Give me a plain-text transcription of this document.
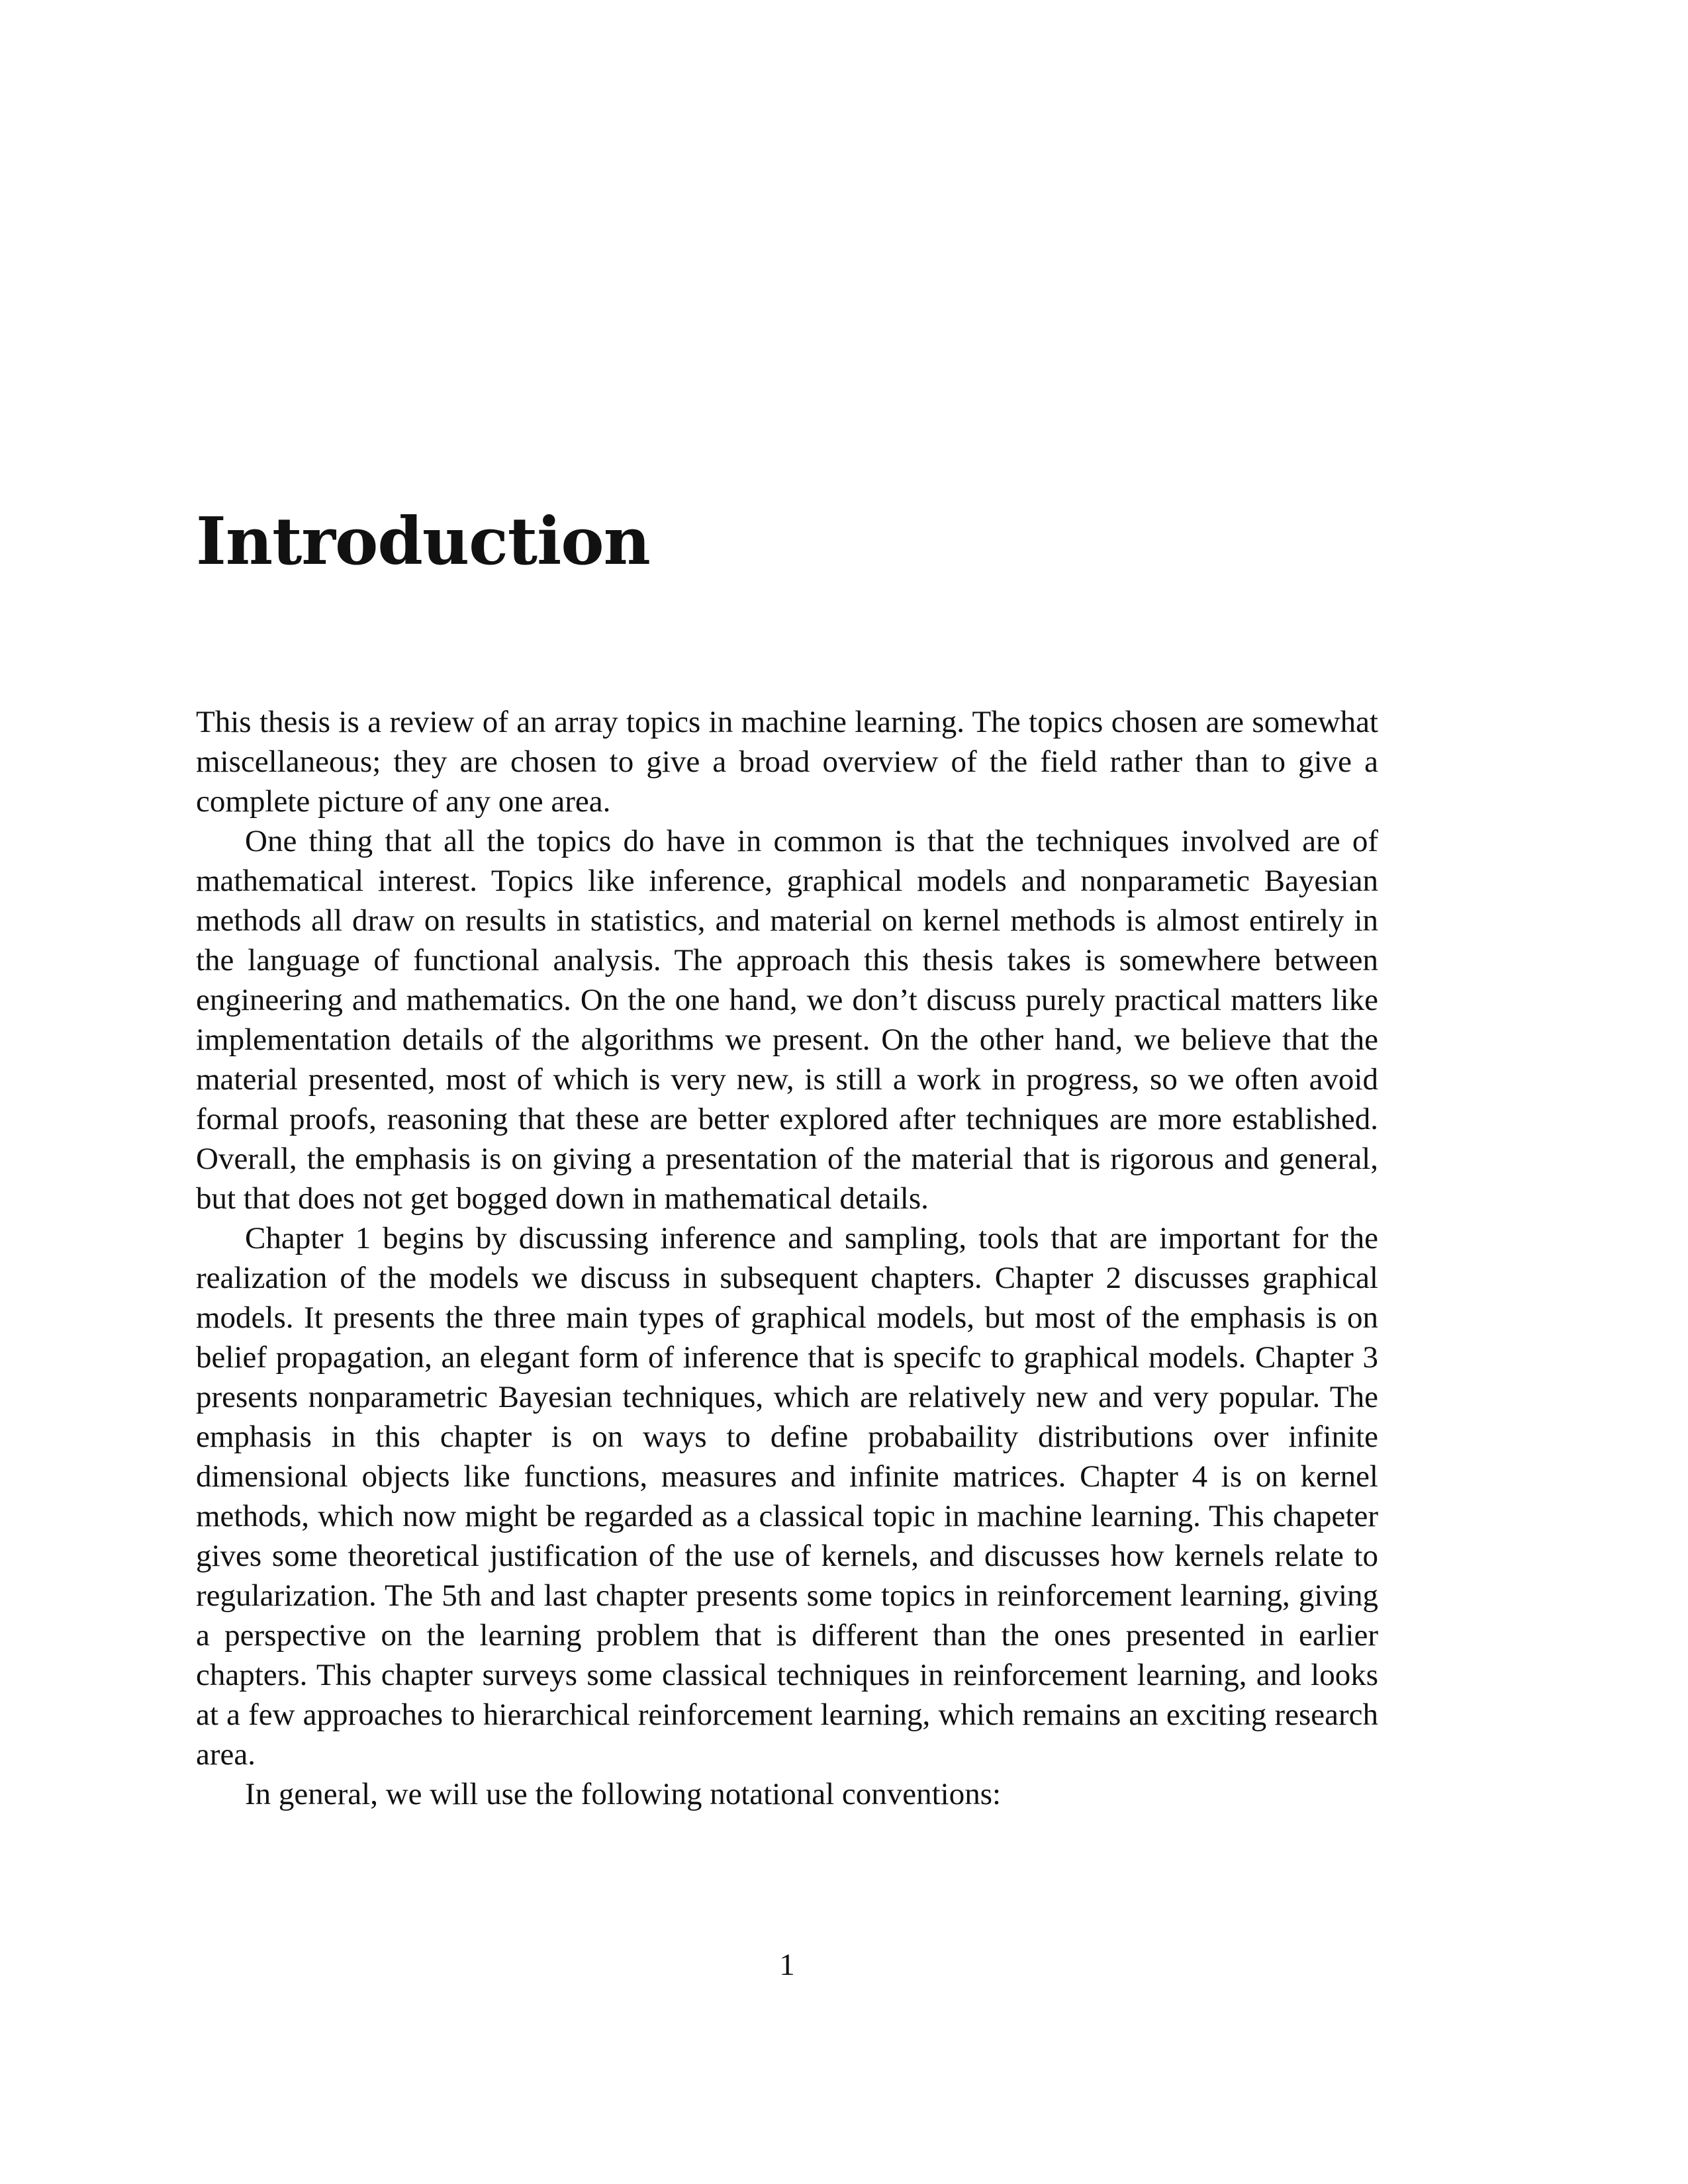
Introduction

This thesis is a review of an array topics in machine learning. The topics chosen are somewhat miscellaneous; they are chosen to give a broad overview of the field rather than to give a complete picture of any one area.

One thing that all the topics do have in common is that the techniques involved are of mathematical interest. Topics like inference, graphical models and nonparametic Bayesian methods all draw on results in statistics, and material on kernel methods is almost entirely in the language of functional analysis. The approach this thesis takes is somewhere between engineering and mathematics. On the one hand, we don’t discuss purely practical matters like implementation details of the algorithms we present. On the other hand, we believe that the material presented, most of which is very new, is still a work in progress, so we often avoid formal proofs, reasoning that these are better explored after techniques are more established. Overall, the emphasis is on giving a presentation of the material that is rigorous and general, but that does not get bogged down in mathematical details.

Chapter 1 begins by discussing inference and sampling, tools that are important for the realization of the models we discuss in subsequent chapters. Chapter 2 discusses graphical models. It presents the three main types of graphical models, but most of the emphasis is on belief propagation, an elegant form of inference that is specifc to graphical models. Chapter 3 presents nonparametric Bayesian techniques, which are relatively new and very popular. The emphasis in this chapter is on ways to define probabaility distributions over infinite dimensional objects like functions, measures and infinite matrices. Chapter 4 is on kernel methods, which now might be regarded as a classical topic in machine learning. This chapeter gives some theoretical justification of the use of kernels, and discusses how kernels relate to regularization. The 5th and last chapter presents some topics in reinforcement learning, giving a perspective on the learning problem that is different than the ones presented in earlier chapters. This chapter surveys some classical techniques in reinforcement learning, and looks at a few approaches to hierarchical reinforcement learning, which remains an exciting research area.

In general, we will use the following notational conventions:

1
